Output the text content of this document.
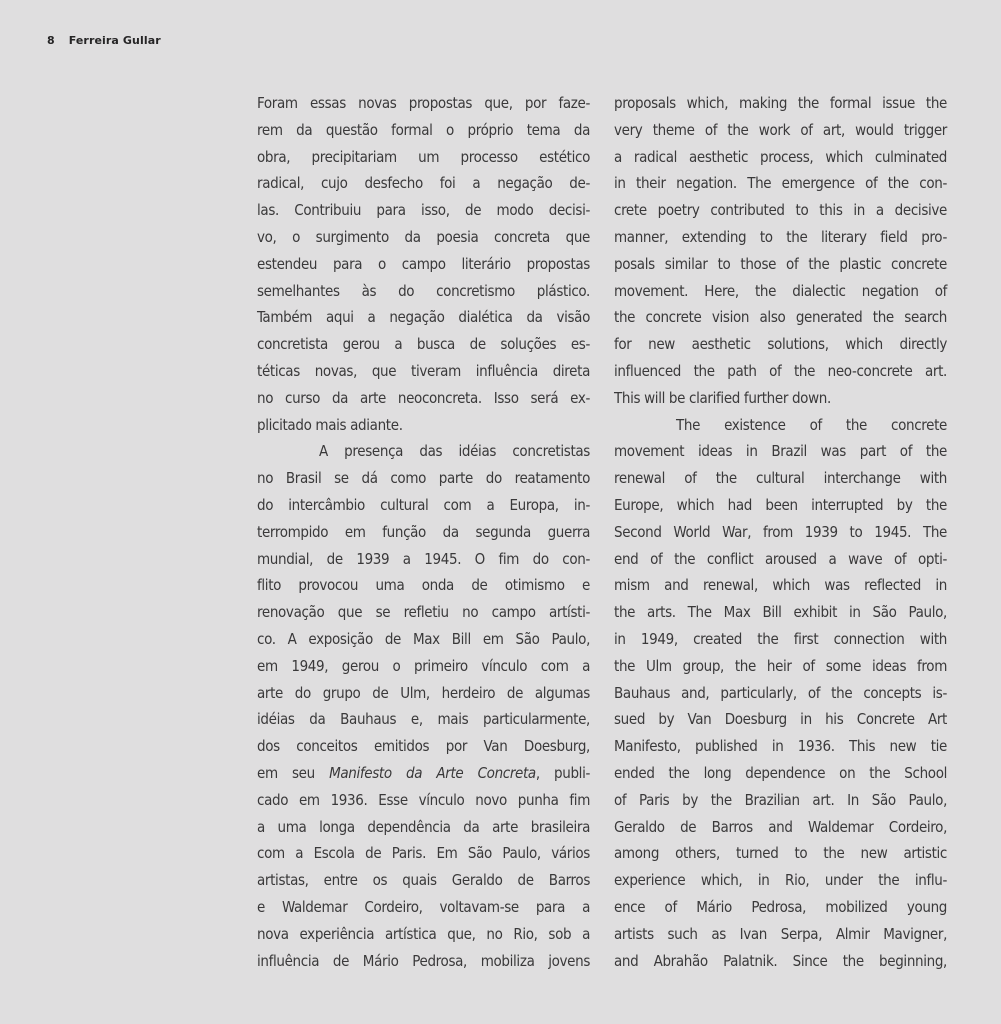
8 Ferreira Gullar
Foram essas novas propostas que, por faze-
rem da questão formal o próprio tema da
obra, precipitariam um processo estético
radical, cujo desfecho foi a negação de-
las. Contribuiu para isso, de modo decisi-
vo, o surgimento da poesia concreta que
estendeu para o campo literário propostas
semelhantes às do concretismo plástico.
Também aqui a negação dialética da visão
concretista gerou a busca de soluções es-
téticas novas, que tiveram influência direta
no curso da arte neoconcreta. Isso será ex-
plicitado mais adiante.
A presença das idéias concretistas
no Brasil se dá como parte do reatamento
do intercâmbio cultural com a Europa, in-
terrompido em função da segunda guerra
mundial, de 1939 a 1945. O fim do con-
flito provocou uma onda de otimismo e
renovação que se refletiu no campo artísti-
co. A exposição de Max Bill em São Paulo,
em 1949, gerou o primeiro vínculo com a
arte do grupo de Ulm, herdeiro de algumas
idéias da Bauhaus e, mais particularmente,
dos conceitos emitidos por Van Doesburg,
em seu Manifesto da Arte Concreta, publi-
cado em 1936. Esse vínculo novo punha fim
a uma longa dependência da arte brasileira
com a Escola de Paris. Em São Paulo, vários
artistas, entre os quais Geraldo de Barros
e Waldemar Cordeiro, voltavam-se para a
nova experiência artística que, no Rio, sob a
influência de Mário Pedrosa, mobiliza jovens
proposals which, making the formal issue the
very theme of the work of art, would trigger
a radical aesthetic process, which culminated
in their negation. The emergence of the con-
crete poetry contributed to this in a decisive
manner, extending to the literary field pro-
posals similar to those of the plastic concrete
movement. Here, the dialectic negation of
the concrete vision also generated the search
for new aesthetic solutions, which directly
influenced the path of the neo-concrete art.
This will be clarified further down.
The existence of the concrete
movement ideas in Brazil was part of the
renewal of the cultural interchange with
Europe, which had been interrupted by the
Second World War, from 1939 to 1945. The
end of the conflict aroused a wave of opti-
mism and renewal, which was reflected in
the arts. The Max Bill exhibit in São Paulo,
in 1949, created the first connection with
the Ulm group, the heir of some ideas from
Bauhaus and, particularly, of the concepts is-
sued by Van Doesburg in his Concrete Art
Manifesto, published in 1936. This new tie
ended the long dependence on the School
of Paris by the Brazilian art. In São Paulo,
Geraldo de Barros and Waldemar Cordeiro,
among others, turned to the new artistic
experience which, in Rio, under the influ-
ence of Mário Pedrosa, mobilized young
artists such as Ivan Serpa, Almir Mavigner,
and Abrahão Palatnik. Since the beginning,
